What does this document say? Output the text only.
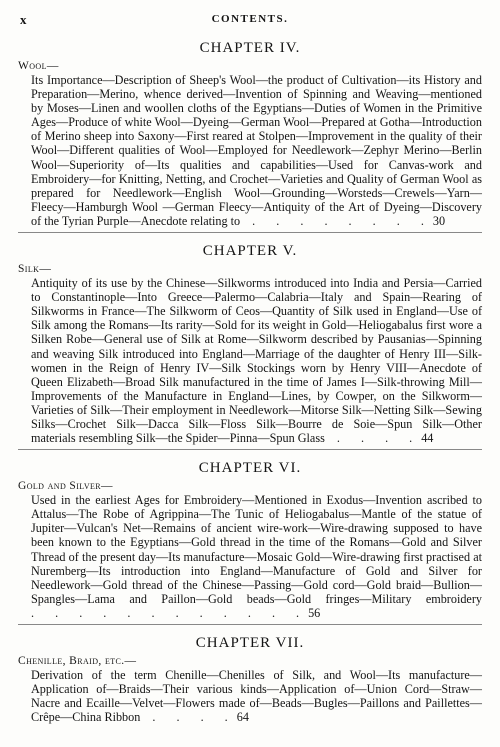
x	CONTENTS.
CHAPTER IV.

Wool—

Its Importance—Description of Sheep's Wool—the product of Cultivation—its History and Preparation—Merino, whence derived—Invention of Spinning and Weaving—mentioned by Moses—Linen and woollen cloths of the Egyptians—Duties of Women in the Primitive Ages—Produce of white Wool—Dyeing—German Wool—Prepared at Gotha—Introduction of Merino sheep into Saxony—First reared at Stolpen—Improvement in the quality of their Wool—Different qualities of Wool—Employed for Needlework—Zephyr Merino—Berlin Wool—Superiority of—Its qualities and capabilities—Used for Canvas-work and Embroidery—for Knitting, Netting, and Crochet—Varieties and Quality of German Wool as prepared for Needlework—English Wool—Grounding—Worsteds—Crewels—Yarn—Fleecy—Hamburgh Wool —German Fleecy—Antiquity of the Art of Dyeing—Discovery of the Tyrian Purple—Anecdote relating to . . . . . . . .30

CHAPTER V.

Silk—

Antiquity of its use by the Chinese—Silkworms introduced into India and Persia—Carried to Constantinople—Into Greece—Palermo—Calabria—Italy and Spain—Rearing of Silkworms in France—The Silkworm of Ceos—Quantity of Silk used in England—Use of Silk among the Romans—Its rarity—Sold for its weight in Gold—Heliogabalus first wore a Silken Robe—General use of Silk at Rome—Silkworm described by Pausanias—Spinning and weaving Silk introduced into England—Marriage of the daughter of Henry III—Silk-women in the Reign of Henry IV—Silk Stockings worn by Henry VIII—Anecdote of Queen Elizabeth—Broad Silk manufactured in the time of James I—Silk-throwing Mill—Improvements of the Manufacture in England—Lines, by Cowper, on the Silkworm—Varieties of Silk—Their employment in Needlework—Mitorse Silk—Netting Silk—Sewing Silks—Crochet Silk—Dacca Silk—Floss Silk—Bourre de Soie—Spun Silk—Other materials resembling Silk—the Spider—Pinna—Spun Glass . . . .44

CHAPTER VI.

Gold and Silver—

Used in the earliest Ages for Embroidery—Mentioned in Exodus—Invention ascribed to Attalus—The Robe of Agrippina—The Tunic of Heliogabalus—Mantle of the statue of Jupiter—Vulcan's Net—Remains of ancient wire-work—Wire-drawing supposed to have been known to the Egyptians—Gold thread in the time of the Romans—Gold and Silver Thread of the present day—Its manufacture—Mosaic Gold—Wire-drawing first practised at Nuremberg—Its introduction into England—Manufacture of Gold and Silver for Needlework—Gold thread of the Chinese—Passing—Gold cord—Gold braid—Bullion—Spangles—Lama and Paillon—Gold beads—Gold fringes—Military embroidery . . . . . . . . . . . .56

CHAPTER VII.

Chenille, Braid, etc.—

Derivation of the term Chenille—Chenilles of Silk, and Wool—Its manufacture—Application of—Braids—Their various kinds—Application of—Union Cord—Straw—Nacre and Ecaille—Velvet—Flowers made of—Beads—Bugles—Paillons and Paillettes—Crêpe—China Ribbon . . . .64
